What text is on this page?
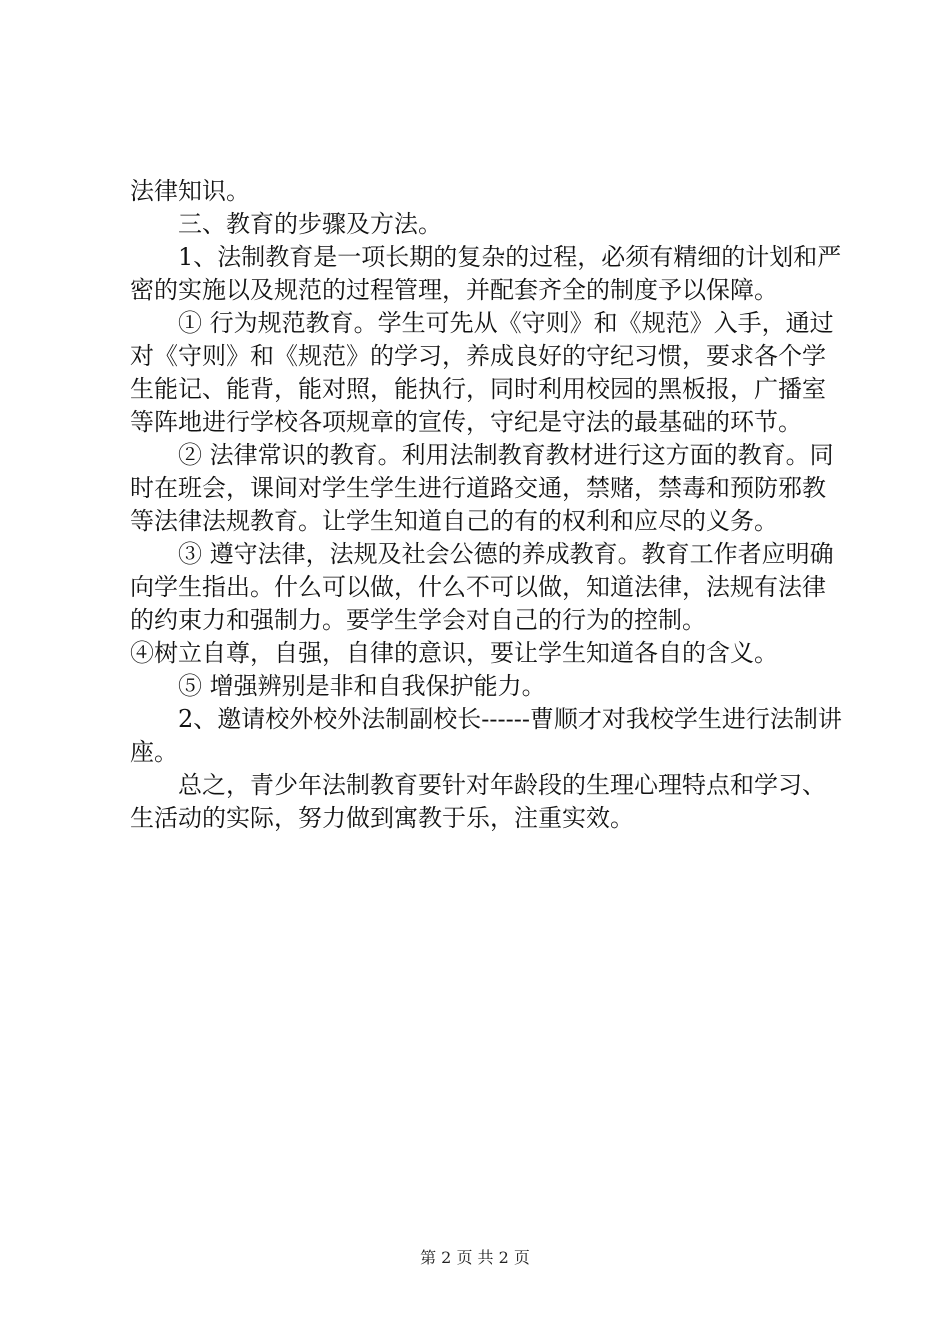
法律知识。

三、教育的步骤及方法。

1、法制教育是一项长期的复杂的过程，必须有精细的计划和严密的实施以及规范的过程管理，并配套齐全的制度予以保障。

① 行为规范教育。学生可先从《守则》和《规范》入手，通过对《守则》和《规范》的学习，养成良好的守纪习惯，要求各个学生能记、能背，能对照，能执行，同时利用校园的黑板报，广播室等阵地进行学校各项规章的宣传，守纪是守法的最基础的环节。

② 法律常识的教育。利用法制教育教材进行这方面的教育。同时在班会，课间对学生学生进行道路交通，禁赌，禁毒和预防邪教等法律法规教育。让学生知道自己的有的权利和应尽的义务。

③ 遵守法律，法规及社会公德的养成教育。教育工作者应明确向学生指出。什么可以做，什么不可以做，知道法律，法规有法律的约束力和强制力。要学生学会对自己的行为的控制。

④树立自尊，自强，自律的意识，要让学生知道各自的含义。

⑤ 增强辨别是非和自我保护能力。

2、邀请校外校外法制副校长------曹顺才对我校学生进行法制讲座。

总之，青少年法制教育要针对年龄段的生理心理特点和学习、生活动的实际，努力做到寓教于乐，注重实效。

第 2 页 共 2 页
